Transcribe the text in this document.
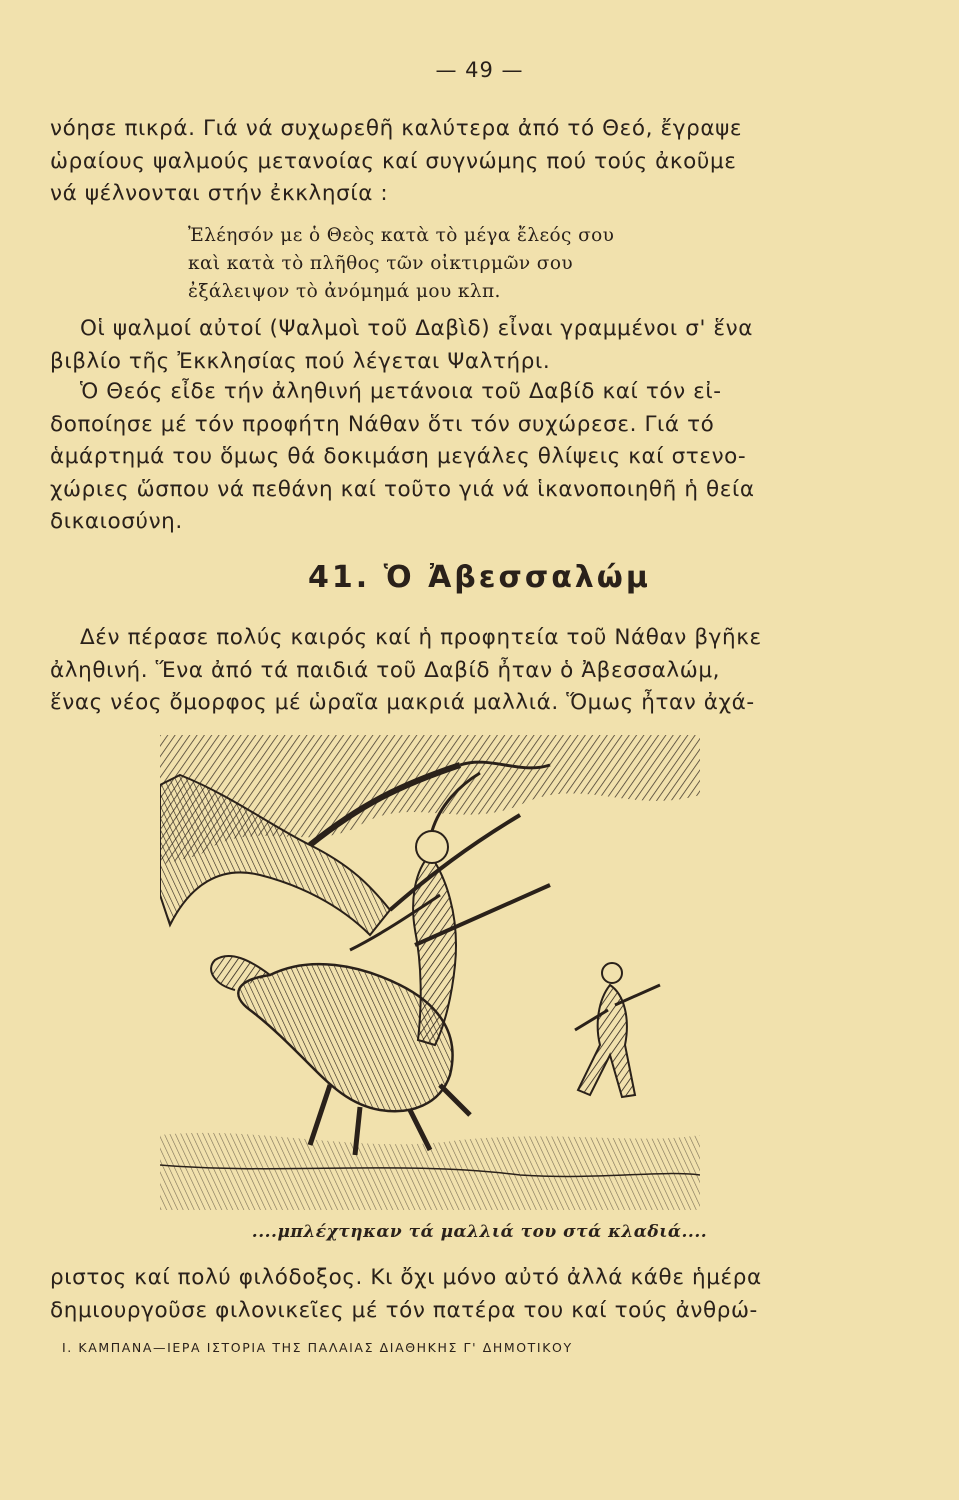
— 49 —
νόησε πικρά. Γιά νά συχωρεθῆ καλύτερα ἀπό τό Θεό, ἔγραψε
ὡραίους ψαλμούς μετανοίας καί συγνώμης πού τούς ἀκοῦμε
νά ψέλνονται στήν ἐκκλησία :
Ἐλέησόν με ὁ Θεὸς κατὰ τὸ μέγα ἔλεός σου
καὶ κατὰ τὸ πλῆθος τῶν οἰκτιρμῶν σου
ἐξάλειψον τὸ ἀνόμημά μου κλπ.
Οἱ ψαλμοί αὐτοί (Ψαλμοὶ τοῦ Δαβὶδ) εἶναι γραμμένοι σ' ἕνα
βιβλίο τῆς Ἐκκλησίας πού λέγεται Ψαλτήρι.
Ὁ Θεός εἶδε τήν ἀληθινή μετάνοια τοῦ Δαβίδ καί τόν εἰ-
δοποίησε μέ τόν προφήτη Νάθαν ὅτι τόν συχώρεσε. Γιά τό
ἁμάρτημά του ὅμως θά δοκιμάση μεγάλες θλίψεις καί στενο-
χώριες ὥσπου νά πεθάνη καί τοῦτο γιά νά ἱκανοποιηθῆ ἡ θεία
δικαιοσύνη.
41. Ὁ Ἀβεσσαλώμ
Δέν πέρασε πολύς καιρός καί ἡ προφητεία τοῦ Νάθαν βγῆκε
ἀληθινή. Ἕνα ἀπό τά παιδιά τοῦ Δαβίδ ἦταν ὁ Ἀβεσσαλώμ,
ἕνας νέος ὄμορφος μέ ὡραῖα μακριά μαλλιά. Ὅμως ἦταν ἀχά-
....μπλέχτηκαν τά μαλλιά του στά κλαδιά....
ριστος καί πολύ φιλόδοξος. Κι ὄχι μόνο αὐτό ἀλλά κάθε ἡμέρα
δημιουργοῦσε φιλονικεῖες μέ τόν πατέρα του καί τούς ἀνθρώ-
Ι. ΚΑΜΠΑΝΑ—ΙΕΡΑ ΙΣΤΟΡΙΑ ΤΗΣ ΠΑΛΑΙΑΣ ΔΙΑΘΗΚΗΣ Γ' ΔΗΜΟΤΙΚΟΥ
